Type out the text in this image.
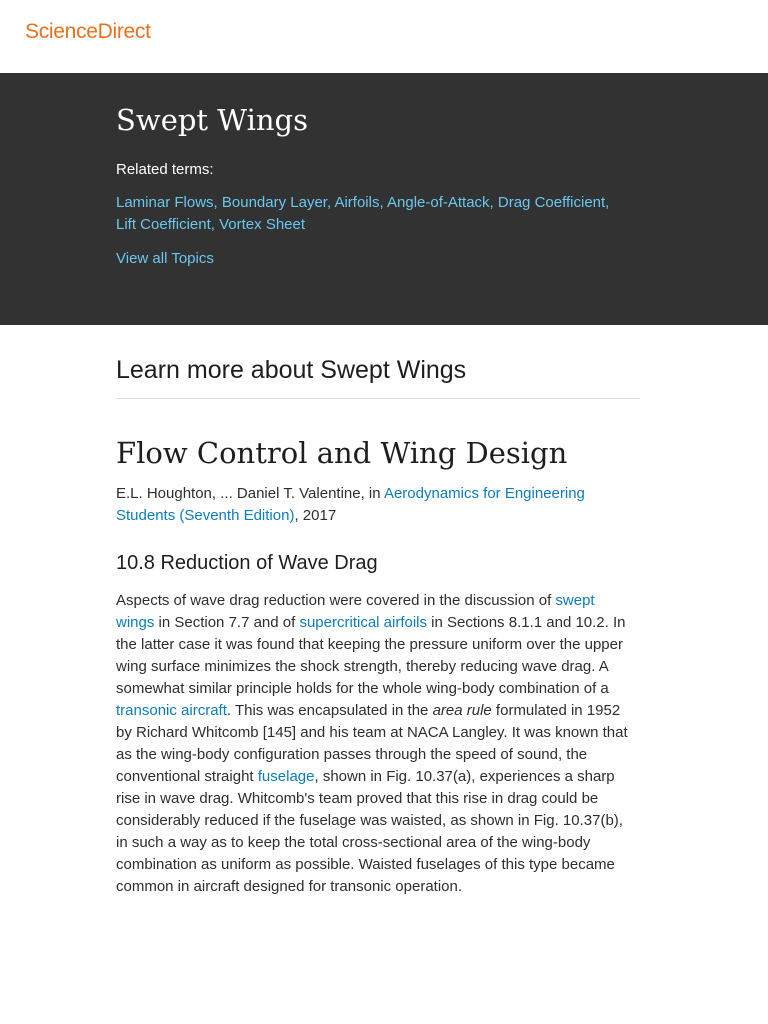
ScienceDirect
Swept Wings

Related terms:

Laminar Flows, Boundary Layer, Airfoils, Angle-of-Attack, Drag Coefficient, Lift Coefficient, Vortex Sheet

View all Topics
Learn more about Swept Wings
Flow Control and Wing Design

E.L. Houghton, ... Daniel T. Valentine, in Aerodynamics for Engineering Students (Seventh Edition), 2017

10.8 Reduction of Wave Drag

Aspects of wave drag reduction were covered in the discussion of swept wings in Section 7.7 and of supercritical airfoils in Sections 8.1.1 and 10.2. In the latter case it was found that keeping the pressure uniform over the upper wing surface minimizes the shock strength, thereby reducing wave drag. A somewhat similar principle holds for the whole wing-body combination of a transonic aircraft. This was encapsulated in the area rule formulated in 1952 by Richard Whitcomb [145] and his team at NACA Langley. It was known that as the wing-body configuration passes through the speed of sound, the conventional straight fuselage, shown in Fig. 10.37(a), experiences a sharp rise in wave drag. Whitcomb's team proved that this rise in drag could be considerably reduced if the fuselage was waisted, as shown in Fig. 10.37(b), in such a way as to keep the total cross-sectional area of the wing-body combination as uniform as possible. Waisted fuselages of this type became common in aircraft designed for transonic operation.
